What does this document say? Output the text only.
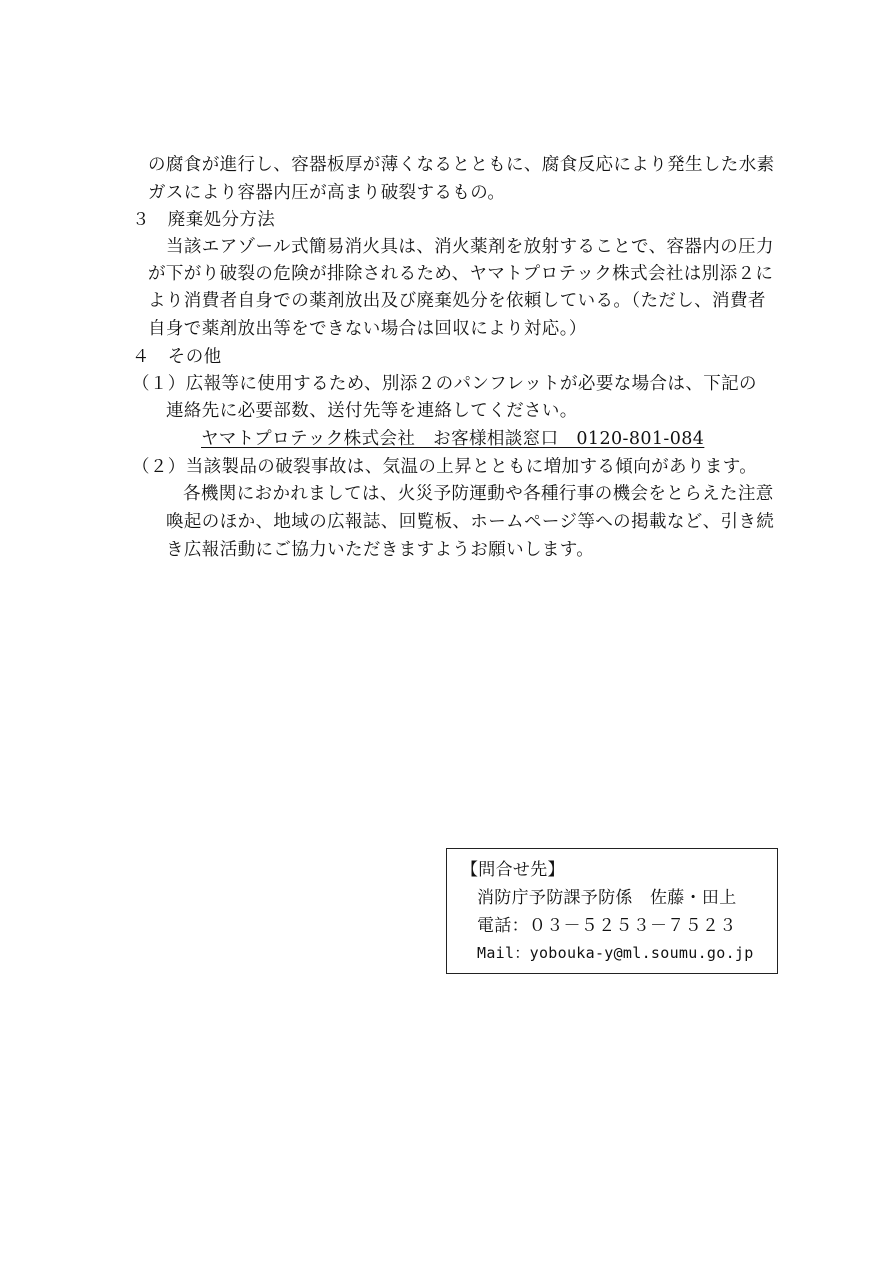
の腐食が進行し、容器板厚が薄くなるとともに、腐食反応により発生した水素
ガスにより容器内圧が高まり破裂するもの。
３　廃棄処分方法
当該エアゾール式簡易消火具は、消火薬剤を放射することで、容器内の圧力
が下がり破裂の危険が排除されるため、ヤマトプロテック株式会社は別添２に
より消費者自身での薬剤放出及び廃棄処分を依頼している。（ただし、消費者
自身で薬剤放出等をできない場合は回収により対応。）
４　その他
（１）広報等に使用するため、別添２のパンフレットが必要な場合は、下記の
連絡先に必要部数、送付先等を連絡してください。
ヤマトプロテック株式会社　お客様相談窓口　0120-801-084
（２）当該製品の破裂事故は、気温の上昇とともに増加する傾向があります。
各機関におかれましては、火災予防運動や各種行事の機会をとらえた注意
喚起のほか、地域の広報誌、回覧板、ホームページ等への掲載など、引き続
き広報活動にご協力いただきますようお願いします。
【問合せ先】
消防庁予防課予防係　佐藤・田上
電話：０３－５２５３－７５２３
Mail：yobouka-y@ml.soumu.go.jp
